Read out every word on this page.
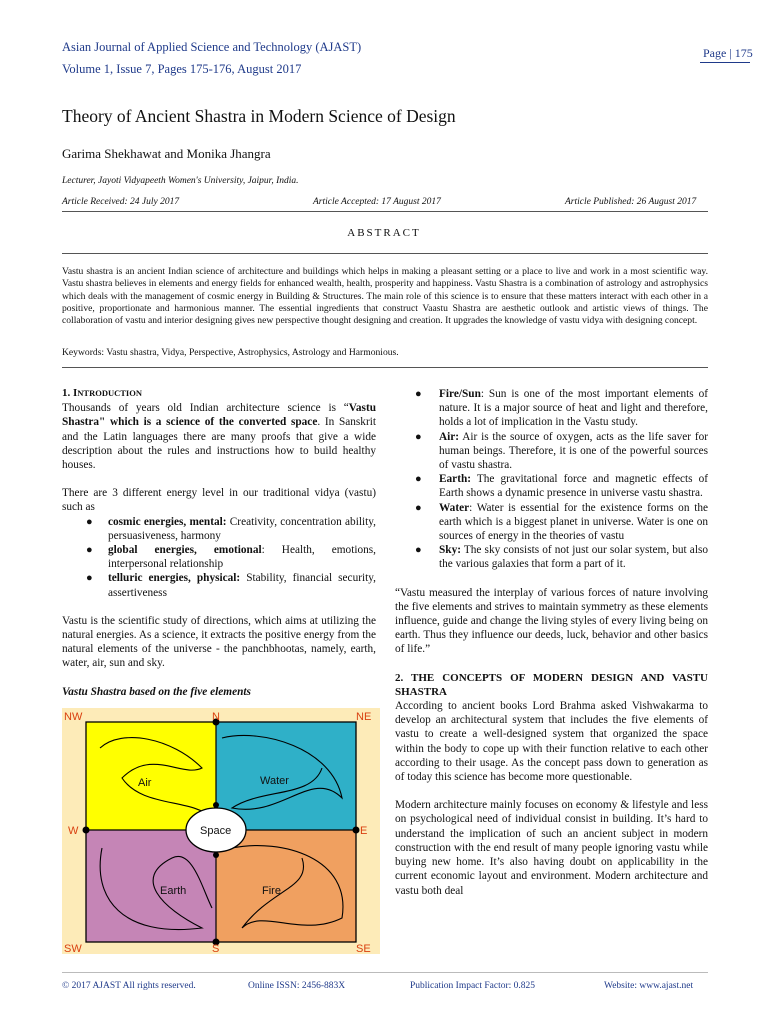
Asian Journal of Applied Science and Technology (AJAST)
Volume 1, Issue 7, Pages 175-176, August 2017
Page | 175
Theory of Ancient Shastra in Modern Science of Design
Garima Shekhawat and Monika Jhangra
Lecturer, Jayoti Vidyapeeth Women's University, Jaipur, India.
Article Received: 24 July 2017	Article Accepted: 17 August 2017	Article Published: 26 August 2017
ABSTRACT
Vastu shastra is an ancient Indian science of architecture and buildings which helps in making a pleasant setting or a place to live and work in a most scientific way. Vastu shastra believes in elements and energy fields for enhanced wealth, health, prosperity and happiness. Vastu Shastra is a combination of astrology and astrophysics which deals with the management of cosmic energy in Building & Structures. The main role of this science is to ensure that these matters interact with each other in a positive, proportionate and harmonious manner. The essential ingredients that construct Vaastu Shastra are aesthetic outlook and artistic views of things. The collaboration of vastu and interior designing gives new perspective thought designing and creation. It upgrades the knowledge of vastu vidya with designing concept.
Keywords: Vastu shastra, Vidya, Perspective, Astrophysics, Astrology and Harmonious.
1. INTRODUCTION

Thousands of years old Indian architecture science is “Vastu Shastra" which is a science of the converted space. In Sanskrit and the Latin languages there are many proofs that give a wide description about the rules and instructions how to build healthy houses.

There are 3 different energy level in our traditional vidya (vastu) such as

● cosmic energies, mental: Creativity, concentration ability, persuasiveness, harmony
● global energies, emotional: Health, emotions, interpersonal relationship
● telluric energies, physical: Stability, financial security, assertiveness

Vastu is the scientific study of directions, which aims at utilizing the natural energies. As a science, it extracts the positive energy from the natural elements of the universe - the panchbhootas, namely, earth, water, air, sun and sky.

Vastu Shastra based on the five elements

NW	N	NE
W	E
SW	S	SE
Air	Water
Space
Earth	Fire
● Fire/Sun: Sun is one of the most important elements of nature. It is a major source of heat and light and therefore, holds a lot of implication in the Vastu study.
● Air: Air is the source of oxygen, acts as the life saver for human beings. Therefore, it is one of the powerful sources of vastu shastra.
● Earth: The gravitational force and magnetic effects of Earth shows a dynamic presence in universe vastu shastra.
● Water: Water is essential for the existence forms on the earth which is a biggest planet in universe. Water is one on sources of energy in the theories of vastu
● Sky: The sky consists of not just our solar system, but also the various galaxies that form a part of it.

“Vastu measured the interplay of various forces of nature involving the five elements and strives to maintain symmetry as these elements influence, guide and change the living styles of every living being on earth. Thus they influence our deeds, luck, behavior and other basics of life.”

2. THE CONCEPTS OF MODERN DESIGN AND VASTU SHASTRA

According to ancient books Lord Brahma asked Vishwakarma to develop an architectural system that includes the five elements of vastu to create a well-designed system that organized the space within the body to cope up with their function relative to each other according to their usage. As the concept pass down to generation as of today this science has become more questionable.

Modern architecture mainly focuses on economy & lifestyle and less on psychological need of individual consist in building. It’s hard to understand the implication of such an ancient subject in modern construction with the end result of many people ignoring vastu while buying new home. It’s also having doubt on applicability in the current economic layout and environment. Modern architecture and vastu both deal

© 2017 AJAST All rights reserved.	Online ISSN: 2456-883X	Publication Impact Factor: 0.825	Website: www.ajast.net
